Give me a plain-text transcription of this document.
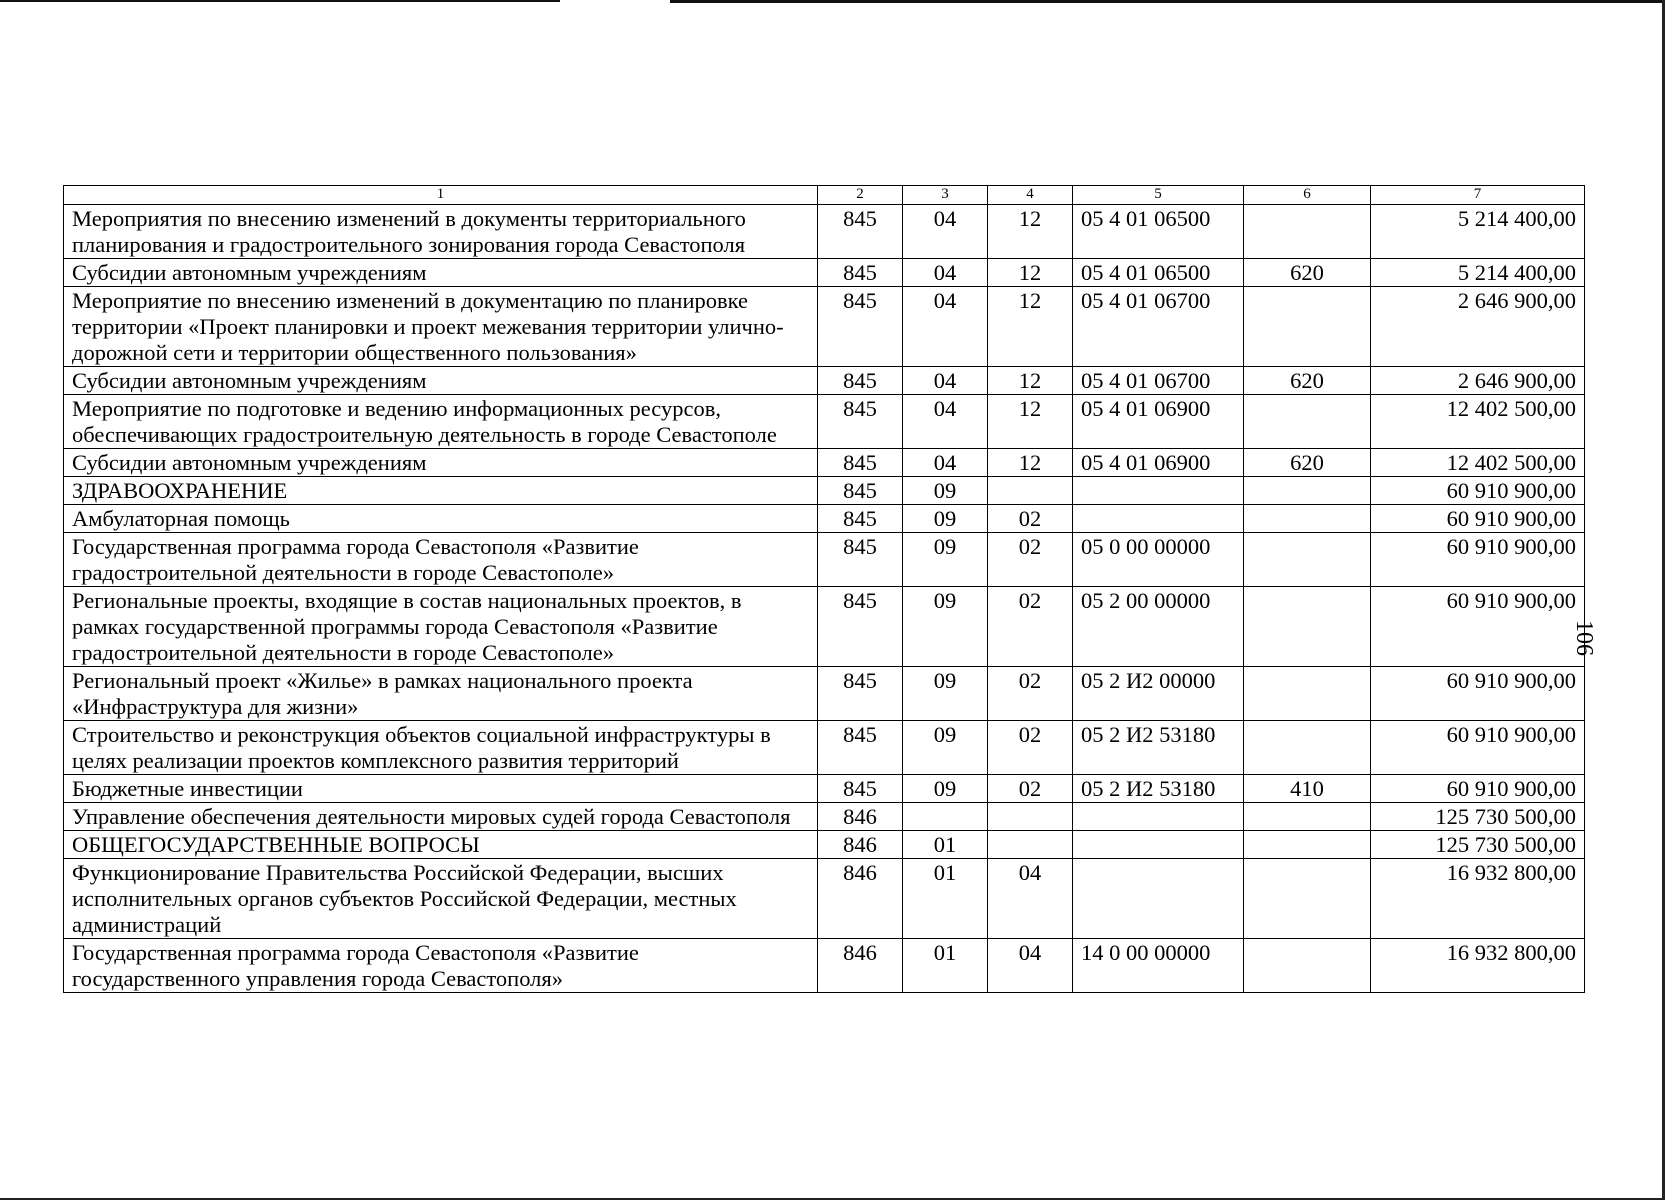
106
1	2	3	4	5	6	7
Мероприятия по внесению изменений в документы территориального планирования и градостроительного зонирования города Севастополя	845	04	12	05 4 01 06500		5 214 400,00
Субсидии автономным учреждениям	845	04	12	05 4 01 06500	620	5 214 400,00
Мероприятие по внесению изменений в документацию по планировке территории «Проект планировки и проект межевания территории улично-дорожной сети и территории общественного пользования»	845	04	12	05 4 01 06700		2 646 900,00
Субсидии автономным учреждениям	845	04	12	05 4 01 06700	620	2 646 900,00
Мероприятие по подготовке и ведению информационных ресурсов, обеспечивающих градостроительную деятельность в городе Севастополе	845	04	12	05 4 01 06900		12 402 500,00
Субсидии автономным учреждениям	845	04	12	05 4 01 06900	620	12 402 500,00
ЗДРАВООХРАНЕНИЕ	845	09				60 910 900,00
Амбулаторная помощь	845	09	02			60 910 900,00
Государственная программа города Севастополя «Развитие градостроительной деятельности в городе Севастополе»	845	09	02	05 0 00 00000		60 910 900,00
Региональные проекты, входящие в состав национальных проектов, в рамках государственной программы города Севастополя «Развитие градостроительной деятельности в городе Севастополе»	845	09	02	05 2 00 00000		60 910 900,00
Региональный проект «Жилье» в рамках национального проекта «Инфраструктура для жизни»	845	09	02	05 2 И2 00000		60 910 900,00
Строительство и реконструкция объектов социальной инфраструктуры в целях реализации проектов комплексного развития территорий	845	09	02	05 2 И2 53180		60 910 900,00
Бюджетные инвестиции	845	09	02	05 2 И2 53180	410	60 910 900,00
Управление обеспечения деятельности мировых судей города Севастополя	846					125 730 500,00
ОБЩЕГОСУДАРСТВЕННЫЕ ВОПРОСЫ	846	01				125 730 500,00
Функционирование Правительства Российской Федерации, высших исполнительных органов субъектов Российской Федерации, местных администраций	846	01	04			16 932 800,00
Государственная программа города Севастополя «Развитие государственного управления города Севастополя»	846	01	04	14 0 00 00000		16 932 800,00
